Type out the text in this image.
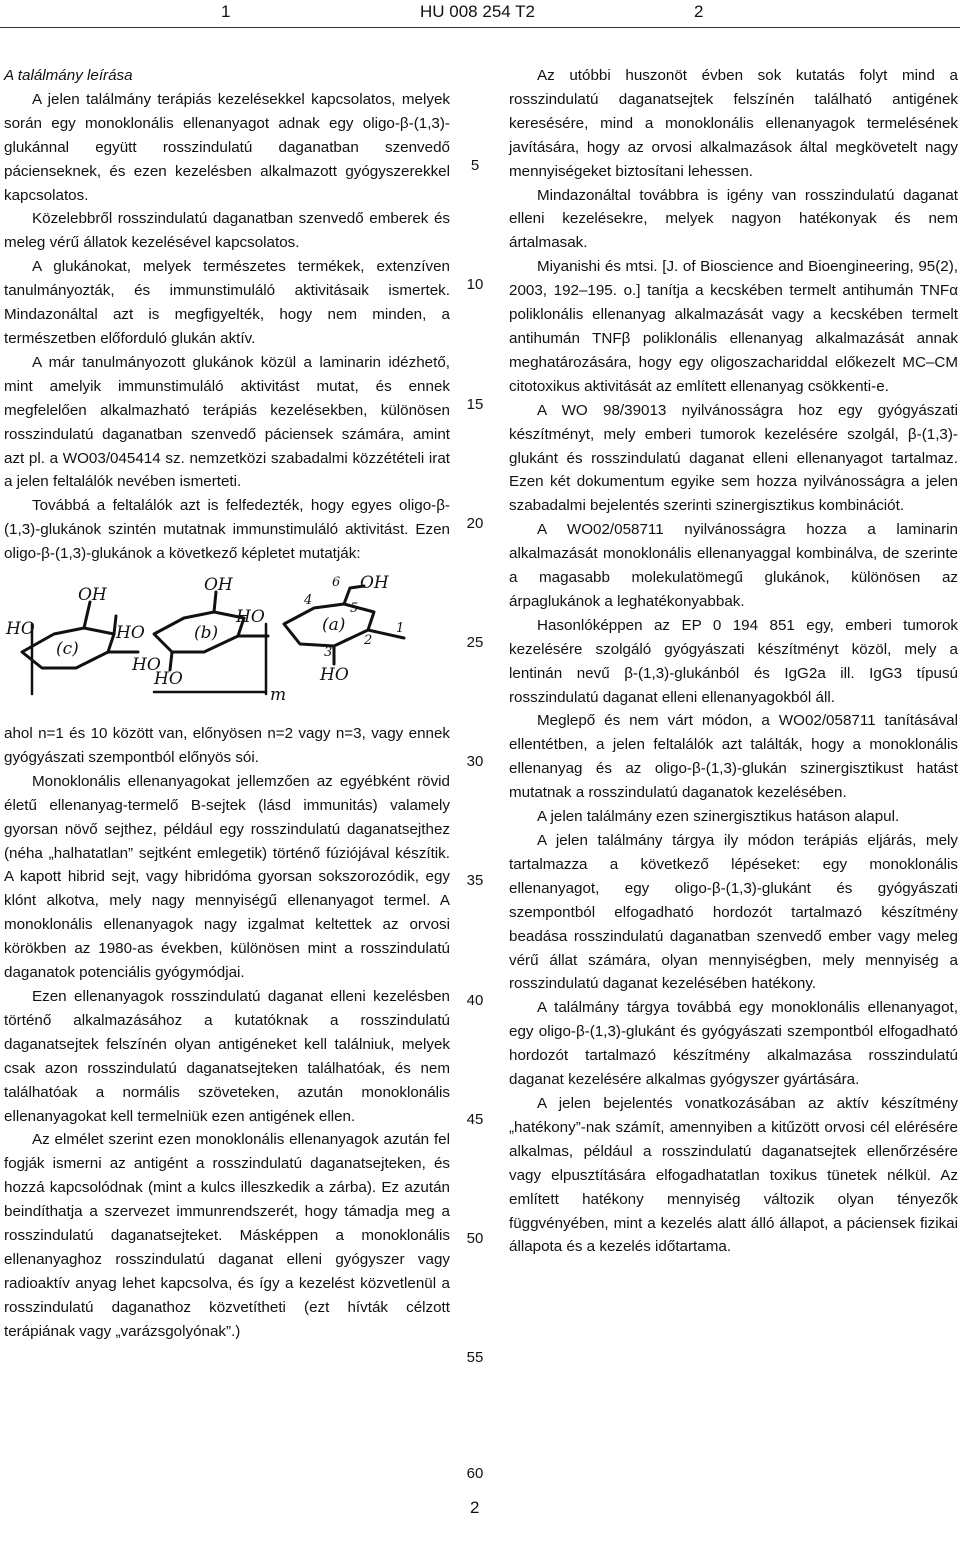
1	HU 008 254 T2	2

A találmány leírása

A jelen találmány terápiás kezelésekkel kapcsolatos, melyek során egy monoklonális ellenanyagot adnak egy oligo-β-(1,3)-glukánnal együtt rosszindulatú daganatban szenvedő pácienseknek, és ezen kezelésben alkalmazott gyógyszerekkel kapcsolatos.

Közelebbről rosszindulatú daganatban szenvedő emberek és meleg vérű állatok kezelésével kapcsolatos.

A glukánokat, melyek természetes termékek, extenzíven tanulmányozták, és immunstimuláló aktivitásaik ismertek. Mindazonáltal azt is megfigyelték, hogy nem minden, a természetben előforduló glukán aktív.

A már tanulmányozott glukánok közül a laminarin idézhető, mint amelyik immunstimuláló aktivitást mutat, és ennek megfelelően alkalmazható terápiás kezelésekben, különösen rosszindulatú daganatban szenvedő páciensek számára, amint azt pl. a WO03/045414 sz. nemzetközi szabadalmi közzétételi irat a jelen feltalálók nevében ismerteti.

Továbbá a feltalálók azt is felfedezték, hogy egyes oligo-β-(1,3)-glukánok szintén mutatnak immunstimuláló aktivitást. Ezen oligo-β-(1,3)-glukánok a következő képletet mutatják:

OH	OH	OH
HO	HO
HO
HO
HO	HO
(c)
(b)	(a)
6
4
5
3
2
1
m

ahol n=1 és 10 között van, előnyösen n=2 vagy n=3, vagy ennek gyógyászati szempontból előnyös sói.

Monoklonális ellenanyagokat jellemzően az egyébként rövid életű ellenanyag-termelő B-sejtek (lásd immunitás) valamely gyorsan növő sejthez, például egy rosszindulatú daganatsejthez (néha „halhatatlan” sejtként emlegetik) történő fúziójával készítik. A kapott hibrid sejt, vagy hibridóma gyorsan sokszorozódik, egy klónt alkotva, mely nagy mennyiségű ellenanyagot termel. A monoklonális ellenanyagok nagy izgalmat keltettek az orvosi körökben az 1980-as években, különösen mint a rosszindulatú daganatok potenciális gyógymódjai.

Ezen ellenanyagok rosszindulatú daganat elleni kezelésben történő alkalmazásához a kutatóknak a rosszindulatú daganatsejtek felszínén olyan antigéneket kell találniuk, melyek csak azon rosszindulatú daganatsejteken találhatóak, és nem találhatóak a normális szöveteken, azután monoklonális ellenanyagokat kell termelniük ezen antigének ellen.

Az elmélet szerint ezen monoklonális ellenanyagok azután fel fogják ismerni az antigént a rosszindulatú daganatsejteken, és hozzá kapcsolódnak (mint a kulcs illeszkedik a zárba). Ez azután beindíthatja a szervezet immunrendszerét, hogy támadja meg a rosszindulatú daganatsejteket. Másképpen a monoklonális ellenanyaghoz rosszindulatú daganat elleni gyógyszer vagy radioaktív anyag lehet kapcsolva, és így a kezelést közvetlenül a rosszindulatú daganathoz közvetítheti (ezt hívták célzott terápiának vagy „varázsgolyónak”.)

5
10
15
20
25
30
35
40
45
50
55
60

Az utóbbi huszonöt évben sok kutatás folyt mind a rosszindulatú daganatsejtek felszínén található antigének keresésére, mind a monoklonális ellenanyagok termelésének javítására, hogy az orvosi alkalmazások által megkövetelt nagy mennyiségeket biztosítani lehessen.

Mindazonáltal továbbra is igény van rosszindulatú daganat elleni kezelésekre, melyek nagyon hatékonyak és nem ártalmasak.

Miyanishi és mtsi. [J. of Bioscience and Bioengineering, 95(2), 2003, 192–195. o.] tanítja a kecskében termelt antihumán TNFα poliklonális ellenanyag alkalmazását vagy a kecskében termelt antihumán TNFβ poliklonális ellenanyag alkalmazását annak meghatározására, hogy egy oligoszachariddal előkezelt MC–CM citotoxikus aktivitását az említett ellenanyag csökkenti-e.

A WO 98/39013 nyilvánosságra hoz egy gyógyászati készítményt, mely emberi tumorok kezelésére szolgál, β-(1,3)-glukánt és rosszindulatú daganat elleni ellenanyagot tartalmaz. Ezen két dokumentum egyike sem hozza nyilvánosságra a jelen szabadalmi bejelentés szerinti szinergisztikus kombinációt.

A WO02/058711 nyilvánosságra hozza a laminarin alkalmazását monoklonális ellenanyaggal kombinálva, de szerinte a magasabb molekulatömegű glukánok, különösen az árpaglukánok a leghatékonyabbak.

Hasonlóképpen az EP 0 194 851 egy, emberi tumorok kezelésére szolgáló gyógyászati készítményt közöl, mely a lentinán nevű β-(1,3)-glukánból és IgG2a ill. IgG3 típusú rosszindulatú daganat elleni ellenanyagokból áll.

Meglepő és nem várt módon, a WO02/058711 tanításával ellentétben, a jelen feltalálók azt találták, hogy a monoklonális ellenanyag és az oligo-β-(1,3)-glukán szinergisztikust hatást mutatnak a rosszindulatú daganatok kezelésében.

A jelen találmány ezen szinergisztikus hatáson alapul.

A jelen találmány tárgya ily módon terápiás eljárás, mely tartalmazza a következő lépéseket: egy monoklonális ellenanyagot, egy oligo-β-(1,3)-glukánt és gyógyászati szempontból elfogadható hordozót tartalmazó készítmény beadása rosszindulatú daganatban szenvedő ember vagy meleg vérű állat számára, olyan mennyiségben, mely mennyiség a rosszindulatú daganat kezelésében hatékony.

A találmány tárgya továbbá egy monoklonális ellenanyagot, egy oligo-β-(1,3)-glukánt és gyógyászati szempontból elfogadható hordozót tartalmazó készítmény alkalmazása rosszindulatú daganat kezelésére alkalmas gyógyszer gyártására.

A jelen bejelentés vonatkozásában az aktív készítmény „hatékony”-nak számít, amennyiben a kitűzött orvosi cél elérésére alkalmas, például a rosszindulatú daganatsejtek ellenőrzésére vagy elpusztítására elfogadhatatlan toxikus tünetek nélkül. Az említett hatékony mennyiség változik olyan tényezők függvényében, mint a kezelés alatt álló állapot, a páciensek fizikai állapota és a kezelés időtartama.

2
